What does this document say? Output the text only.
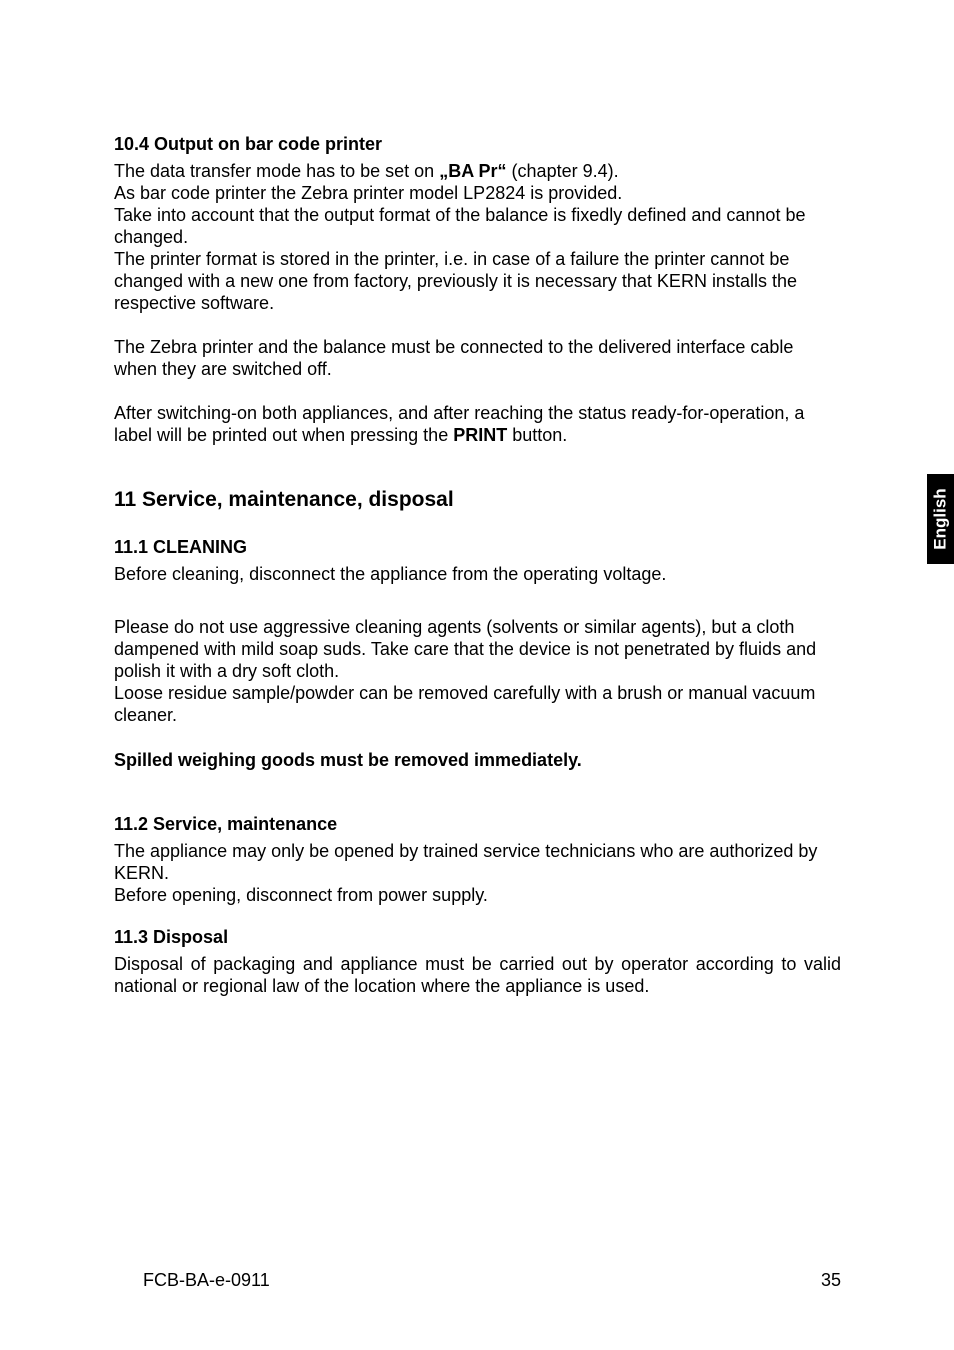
10.4 Output on bar code printer

The data transfer mode has to be set on „BA Pr“ (chapter 9.4).

As bar code printer the Zebra printer model LP2824 is provided.

Take into account that the output format of the balance is fixedly defined and cannot be changed.

The printer format is stored in the printer, i.e. in case of a failure the printer cannot be changed with a new one from factory, previously it is necessary that KERN installs the respective software.

The Zebra printer and the balance must be connected to the delivered interface cable when they are switched off.

After switching-on both appliances, and after reaching the status ready-for-operation, a label will be printed out when pressing the PRINT button.

11 Service, maintenance, disposal

11.1 CLEANING

Before cleaning, disconnect the appliance from the operating voltage.

Please do not use aggressive cleaning agents (solvents or similar agents), but a cloth dampened with mild soap suds. Take care that the device is not penetrated by fluids and polish it with a dry soft cloth.

Loose residue sample/powder can be removed carefully with a brush or manual vacuum cleaner.

Spilled weighing goods must be removed immediately.

11.2 Service, maintenance

The appliance may only be opened by trained service technicians who are authorized by KERN.

Before opening, disconnect from power supply.

11.3 Disposal

Disposal of packaging and appliance must be carried out by operator according to valid national or regional law of the location where the appliance is used.

English
FCB-BA-e-0911	35
